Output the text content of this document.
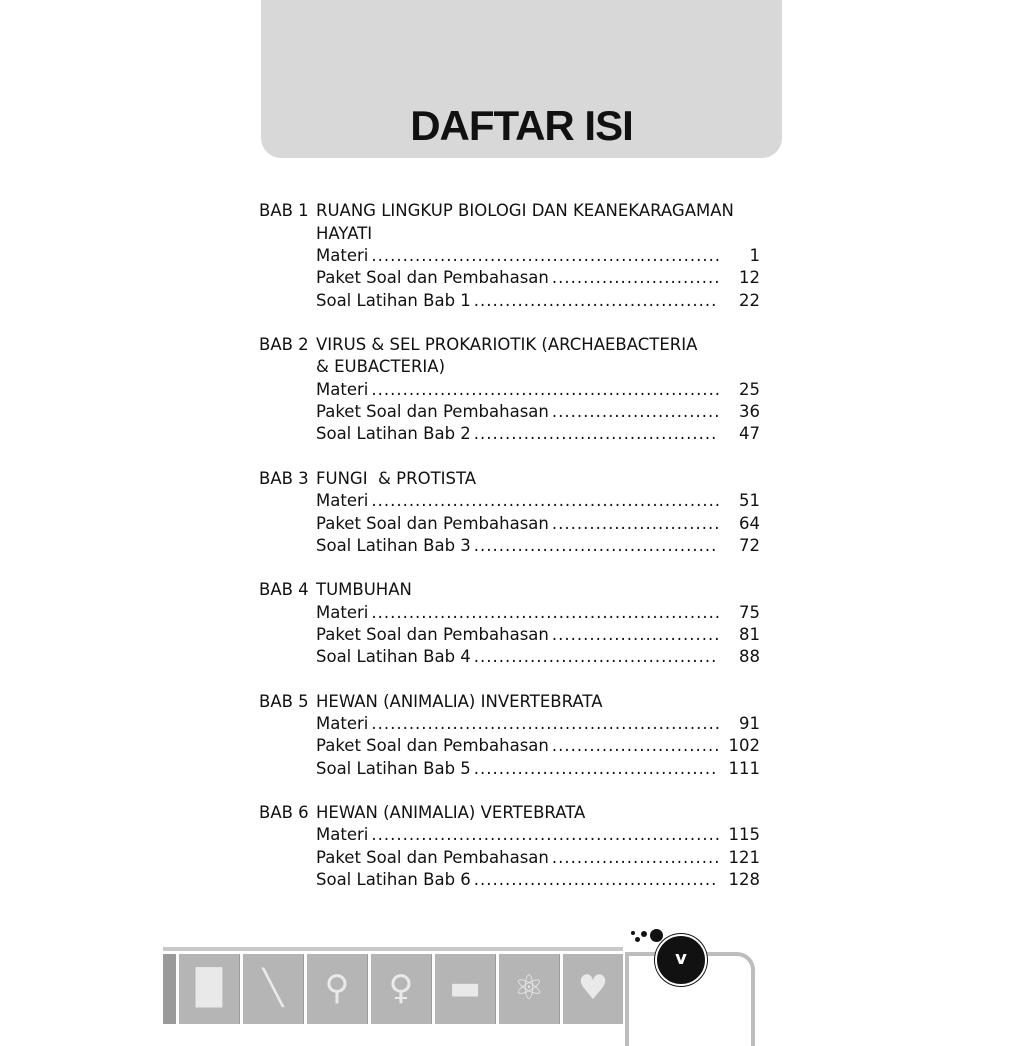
DAFTAR ISI
BAB 1 RUANG LINGKUP BIOLOGI DAN KEANEKARAGAMAN HAYATI
Materi .....	1
Paket Soal dan Pembahasan .....	12
Soal Latihan Bab 1 .....	22
BAB 2 VIRUS & SEL PROKARIOTIK (ARCHAEBACTERIA & EUBACTERIA)
Materi .....	25
Paket Soal dan Pembahasan .....	36
Soal Latihan Bab 2 .....	47
BAB 3 FUNGI  & PROTISTA
Materi .....	51
Paket Soal dan Pembahasan .....	64
Soal Latihan Bab 3 .....	72
BAB 4 TUMBUHAN
Materi .....	75
Paket Soal dan Pembahasan .....	81
Soal Latihan Bab 4 .....	88
BAB 5 HEWAN (ANIMALIA) INVERTEBRATA
Materi .....	91
Paket Soal dan Pembahasan .....	102
Soal Latihan Bab 5 .....	111
BAB 6 HEWAN (ANIMALIA) VERTEBRATA
Materi .....	115
Paket Soal dan Pembahasan .....	121
Soal Latihan Bab 6 .....	128
█	╲	⚲	♀	▬ ⚛ ♥
v
